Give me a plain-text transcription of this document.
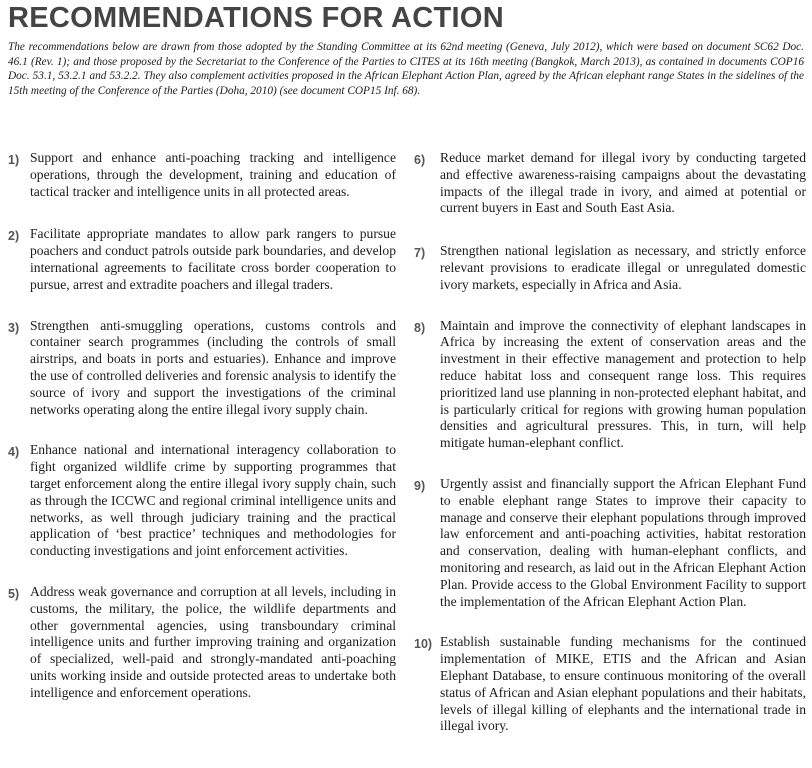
RECOMMENDATIONS FOR ACTION
The recommendations below are drawn from those adopted by the Standing Committee at its 62nd meeting (Geneva, July 2012), which were based on document SC62 Doc. 46.1 (Rev. 1); and those proposed by the Secretariat to the Conference of the Parties to CITES at its 16th meeting (Bangkok, March 2013), as contained in documents COP16 Doc. 53.1, 53.2.1 and 53.2.2. They also complement activities proposed in the African Elephant Action Plan, agreed by the African elephant range States in the sidelines of the 15th meeting of the Conference of the Parties (Doha, 2010) (see document COP15 Inf. 68).
1) Support and enhance anti-poaching tracking and intelligence operations, through the development, training and education of tactical tracker and intelligence units in all protected areas.
2) Facilitate appropriate mandates to allow park rangers to pursue poachers and conduct patrols outside park boundaries, and develop international agreements to facilitate cross border cooperation to pursue, arrest and extradite poachers and illegal traders.
3) Strengthen anti-smuggling operations, customs controls and container search programmes (including the controls of small airstrips, and boats in ports and estuaries). Enhance and improve the use of controlled deliveries and forensic analysis to identify the source of ivory and support the investigations of the criminal networks operating along the entire illegal ivory supply chain.
4) Enhance national and international interagency collaboration to fight organized wildlife crime by supporting programmes that target enforcement along the entire illegal ivory supply chain, such as through the ICCWC and regional criminal intelligence units and networks, as well through judiciary training and the practical application of ‘best practice’ techniques and methodologies for conducting investigations and joint enforcement activities.
5) Address weak governance and corruption at all levels, including in customs, the military, the police, the wildlife departments and other governmental agencies, using transboundary criminal intelligence units and further improving training and organization of specialized, well-paid and strongly-mandated anti-poaching units working inside and outside protected areas to undertake both intelligence and enforcement operations.
6)	Reduce market demand for illegal ivory by conducting targeted and effective awareness-raising campaigns about the devastating impacts of the illegal trade in ivory, and aimed at potential or current buyers in East and South East Asia.
7)	Strengthen national legislation as necessary, and strictly enforce relevant provisions to eradicate illegal or unregulated domestic ivory markets, especially in Africa and Asia.
8)	Maintain and improve the connectivity of elephant landscapes in Africa by increasing the extent of conservation areas and the investment in their effective management and protection to help reduce habitat loss and consequent range loss. This requires prioritized land use planning in non-protected elephant habitat, and is particularly critical for regions with growing human population densities and agricultural pressures. This, in turn, will help mitigate human-elephant conflict.
9)	Urgently assist and financially support the African Elephant Fund to enable elephant range States to improve their capacity to manage and conserve their elephant populations through improved law enforcement and anti-poaching activities, habitat restoration and conservation, dealing with human-elephant conflicts, and monitoring and research, as laid out in the African Elephant Action Plan. Provide access to the Global Environment Facility to support the implementation of the African Elephant Action Plan.
10) Establish sustainable funding mechanisms for the continued implementation of MIKE, ETIS and the African and Asian Elephant Database, to ensure continuous monitoring of the overall status of African and Asian elephant populations and their habitats, levels of illegal killing of elephants and the international trade in illegal ivory.
